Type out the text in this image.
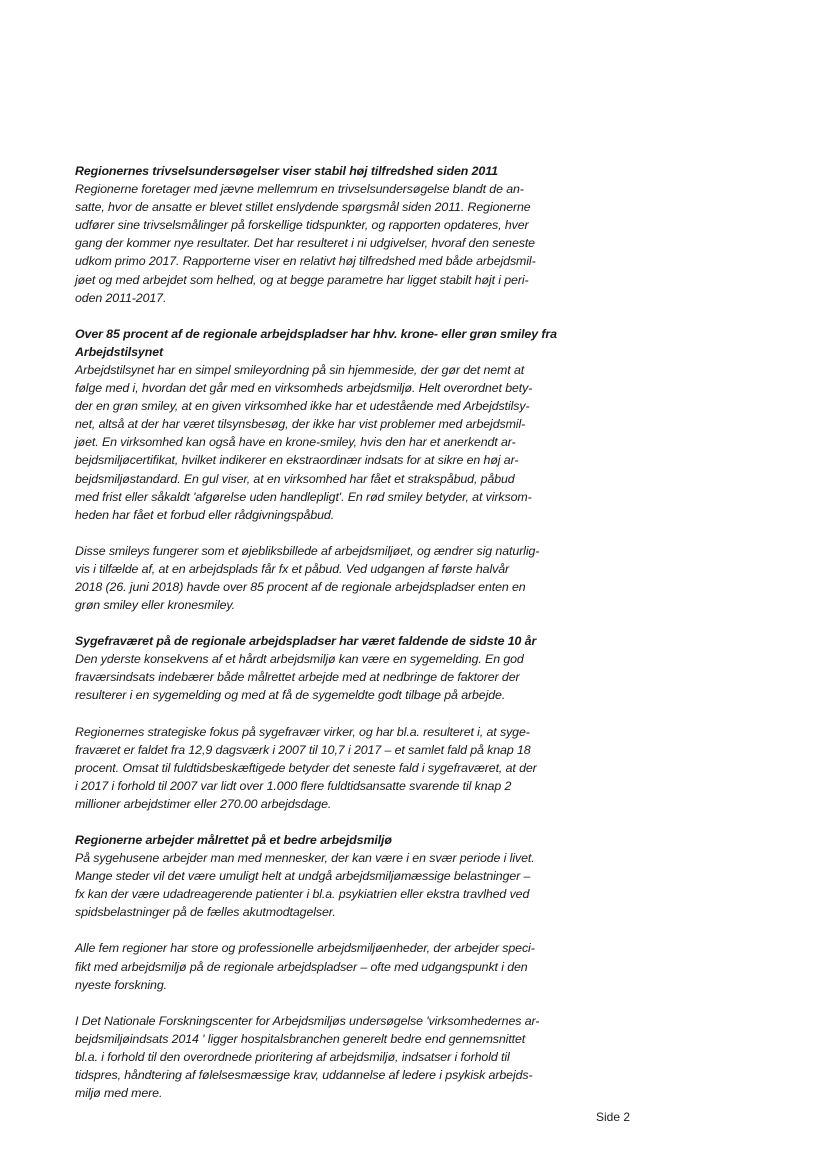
Regionernes trivselsundersøgelser viser stabil høj tilfredshed siden 2011
Regionerne foretager med jævne mellemrum en trivselsundersøgelse blandt de an-
satte, hvor de ansatte er blevet stillet enslydende spørgsmål siden 2011. Regionerne
udfører sine trivselsmålinger på forskellige tidspunkter, og rapporten opdateres, hver
gang der kommer nye resultater. Det har resulteret i ni udgivelser, hvoraf den seneste
udkom primo 2017. Rapporterne viser en relativt høj tilfredshed med både arbejdsmil-
jøet og med arbejdet som helhed, og at begge parametre har ligget stabilt højt i peri-
oden 2011-2017.
Over 85 procent af de regionale arbejdspladser har hhv. krone- eller grøn smiley fra
Arbejdstilsynet
Arbejdstilsynet har en simpel smileyordning på sin hjemmeside, der gør det nemt at
følge med i, hvordan det går med en virksomheds arbejdsmiljø. Helt overordnet bety-
der en grøn smiley, at en given virksomhed ikke har et udestående med Arbejdstilsy-
net, altså at der har været tilsynsbesøg, der ikke har vist problemer med arbejdsmil-
jøet. En virksomhed kan også have en krone-smiley, hvis den har et anerkendt ar-
bejdsmiljøcertifikat, hvilket indikerer en ekstraordinær indsats for at sikre en høj ar-
bejdsmiljøstandard. En gul viser, at en virksomhed har fået et strakspåbud, påbud
med frist eller såkaldt 'afgørelse uden handlepligt'. En rød smiley betyder, at virksom-
heden har fået et forbud eller rådgivningspåbud.
Disse smileys fungerer som et øjebliksbillede af arbejdsmiljøet, og ændrer sig naturlig-
vis i tilfælde af, at en arbejdsplads får fx et påbud. Ved udgangen af første halvår
2018 (26. juni 2018) havde over 85 procent af de regionale arbejdspladser enten en
grøn smiley eller kronesmiley.
Sygefraværet på de regionale arbejdspladser har været faldende de sidste 10 år
Den yderste konsekvens af et hårdt arbejdsmiljø kan være en sygemelding. En god
fraværsindsats indebærer både målrettet arbejde med at nedbringe de faktorer der
resulterer i en sygemelding og med at få de sygemeldte godt tilbage på arbejde.
Regionernes strategiske fokus på sygefravær virker, og har bl.a. resulteret i, at syge-
fraværet er faldet fra 12,9 dagsværk i 2007 til 10,7 i 2017 – et samlet fald på knap 18
procent. Omsat til fuldtidsbeskæftigede betyder det seneste fald i sygefraværet, at der
i 2017 i forhold til 2007 var lidt over 1.000 flere fuldtidsansatte svarende til knap 2
millioner arbejdstimer eller 270.00 arbejdsdage.
Regionerne arbejder målrettet på et bedre arbejdsmiljø
På sygehusene arbejder man med mennesker, der kan være i en svær periode i livet.
Mange steder vil det være umuligt helt at undgå arbejdsmiljømæssige belastninger –
fx kan der være udadreagerende patienter i bl.a. psykiatrien eller ekstra travlhed ved
spidsbelastninger på de fælles akutmodtagelser.
Alle fem regioner har store og professionelle arbejdsmiljøenheder, der arbejder speci-
fikt med arbejdsmiljø på de regionale arbejdspladser – ofte med udgangspunkt i den
nyeste forskning.
I Det Nationale Forskningscenter for Arbejdsmiljøs undersøgelse 'virksomhedernes ar-
bejdsmiljøindsats 2014 ' ligger hospitalsbranchen generelt bedre end gennemsnittet
bl.a. i forhold til den overordnede prioritering af arbejdsmiljø, indsatser i forhold til
tidspres, håndtering af følelsesmæssige krav, uddannelse af ledere i psykisk arbejds-
miljø med mere.
Side 2
